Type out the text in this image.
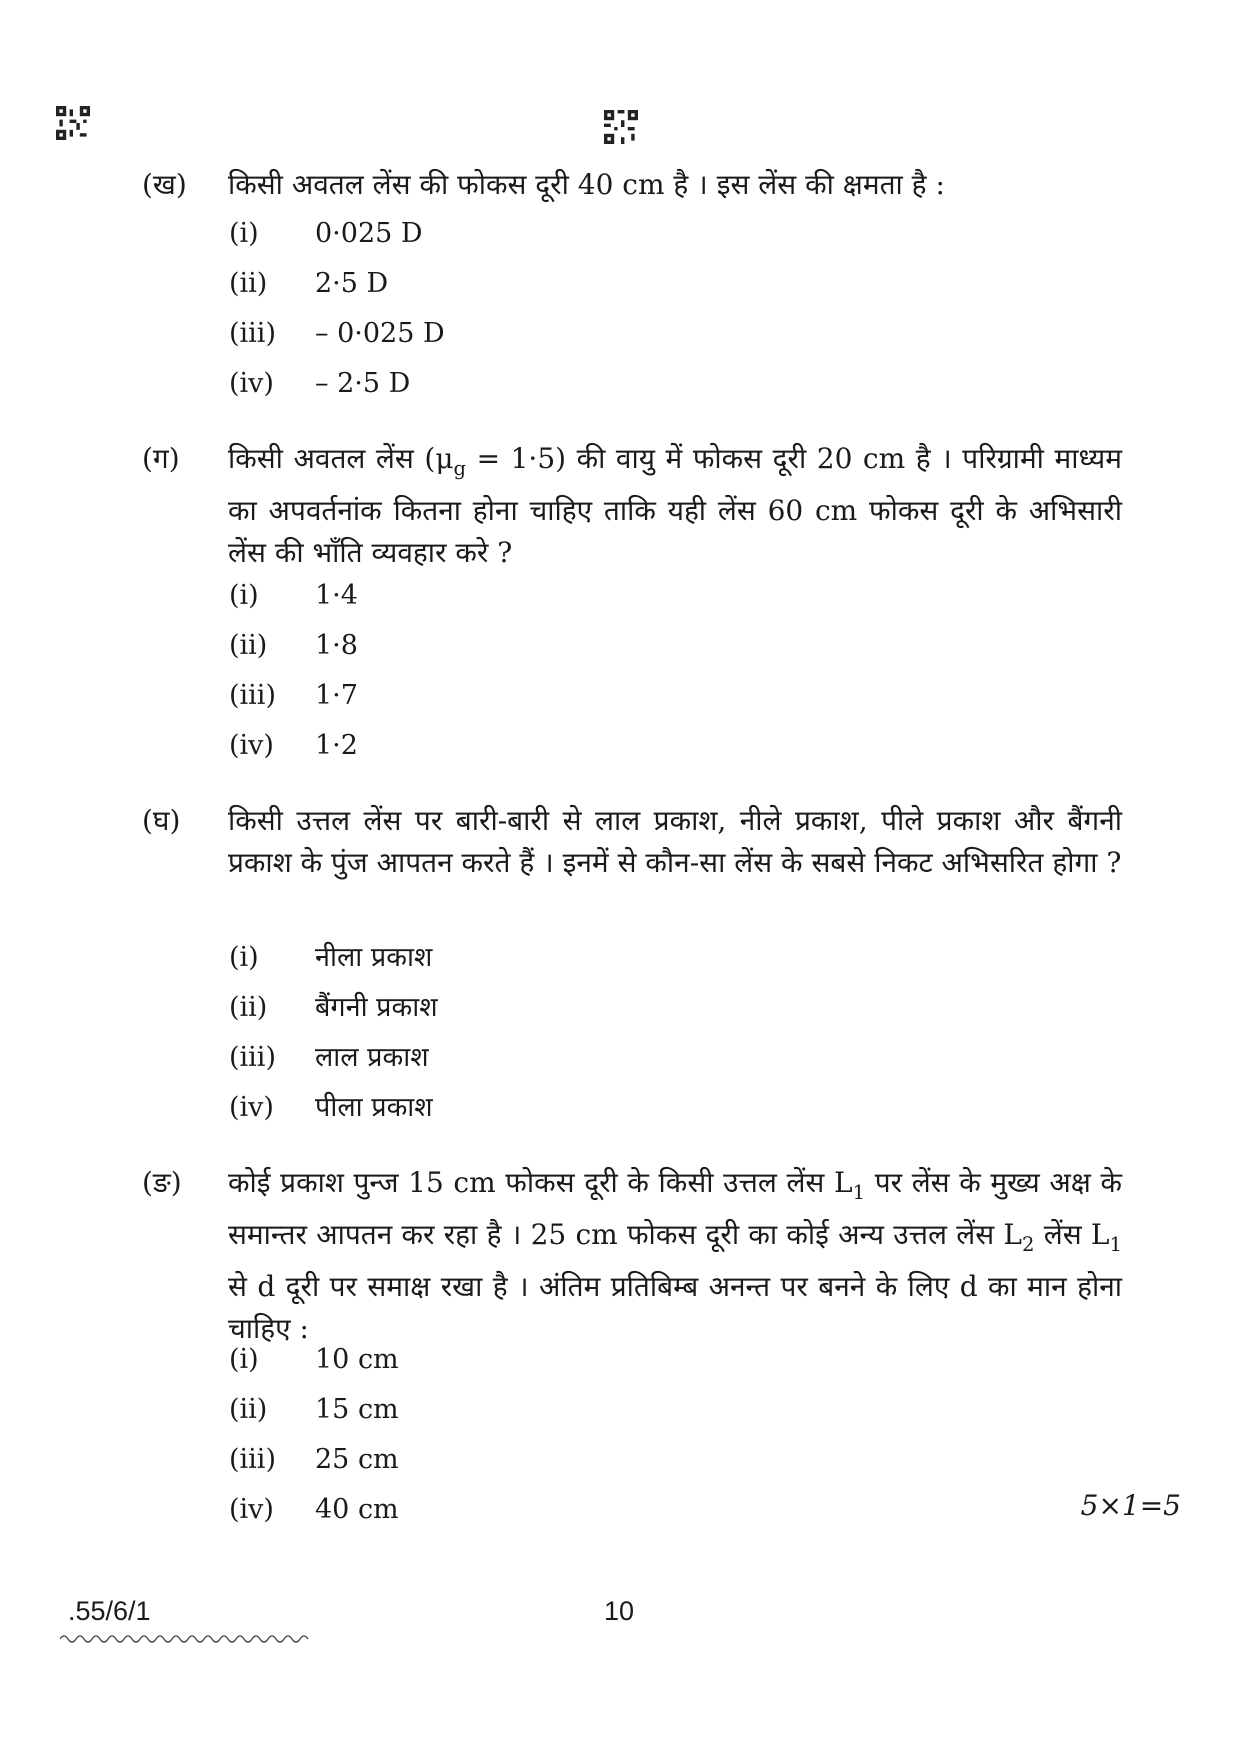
(ख) किसी अवतल लेंस की फोकस दूरी 40 cm है । इस लेंस की क्षमता है :
(i)	0·025 D
(ii)	2·5 D
(iii)	– 0·025 D
(iv)	– 2·5 D
(ग) किसी अवतल लेंस $(\mu_g = 1\cdot 5)$ की वायु में फोकस दूरी 20 cm है । परिग्रामी माध्यम का अपवर्तनांक कितना होना चाहिए ताकि यही लेंस 60 cm फोकस दूरी के अभिसारी लेंस की भाँति व्यवहार करे ?
(i)	1·4
(ii)	1·8
(iii)	1·7
(iv)	1·2
(घ) किसी उत्तल लेंस पर बारी-बारी से लाल प्रकाश, नीले प्रकाश, पीले प्रकाश और बैंगनी प्रकाश के पुंज आपतन करते हैं । इनमें से कौन-सा लेंस के सबसे निकट अभिसरित होगा ?
(i)	नीला प्रकाश
(ii)	बैंगनी प्रकाश
(iii)	लाल प्रकाश
(iv)	पीला प्रकाश
(ङ) कोई प्रकाश पुन्ज 15 cm फोकस दूरी के किसी उत्तल लेंस $L_1$ पर लेंस के मुख्य अक्ष के समान्तर आपतन कर रहा है । 25 cm फोकस दूरी का कोई अन्य उत्तल लेंस $L_2$ लेंस $L_1$ से d दूरी पर समाक्ष रखा है । अंतिम प्रतिबिम्ब अनन्त पर बनने के लिए d का मान होना चाहिए :
(i)	10 cm
(ii)	15 cm
(iii)	25 cm
(iv)	40 cm	5×1=5
.55/6/1	10
